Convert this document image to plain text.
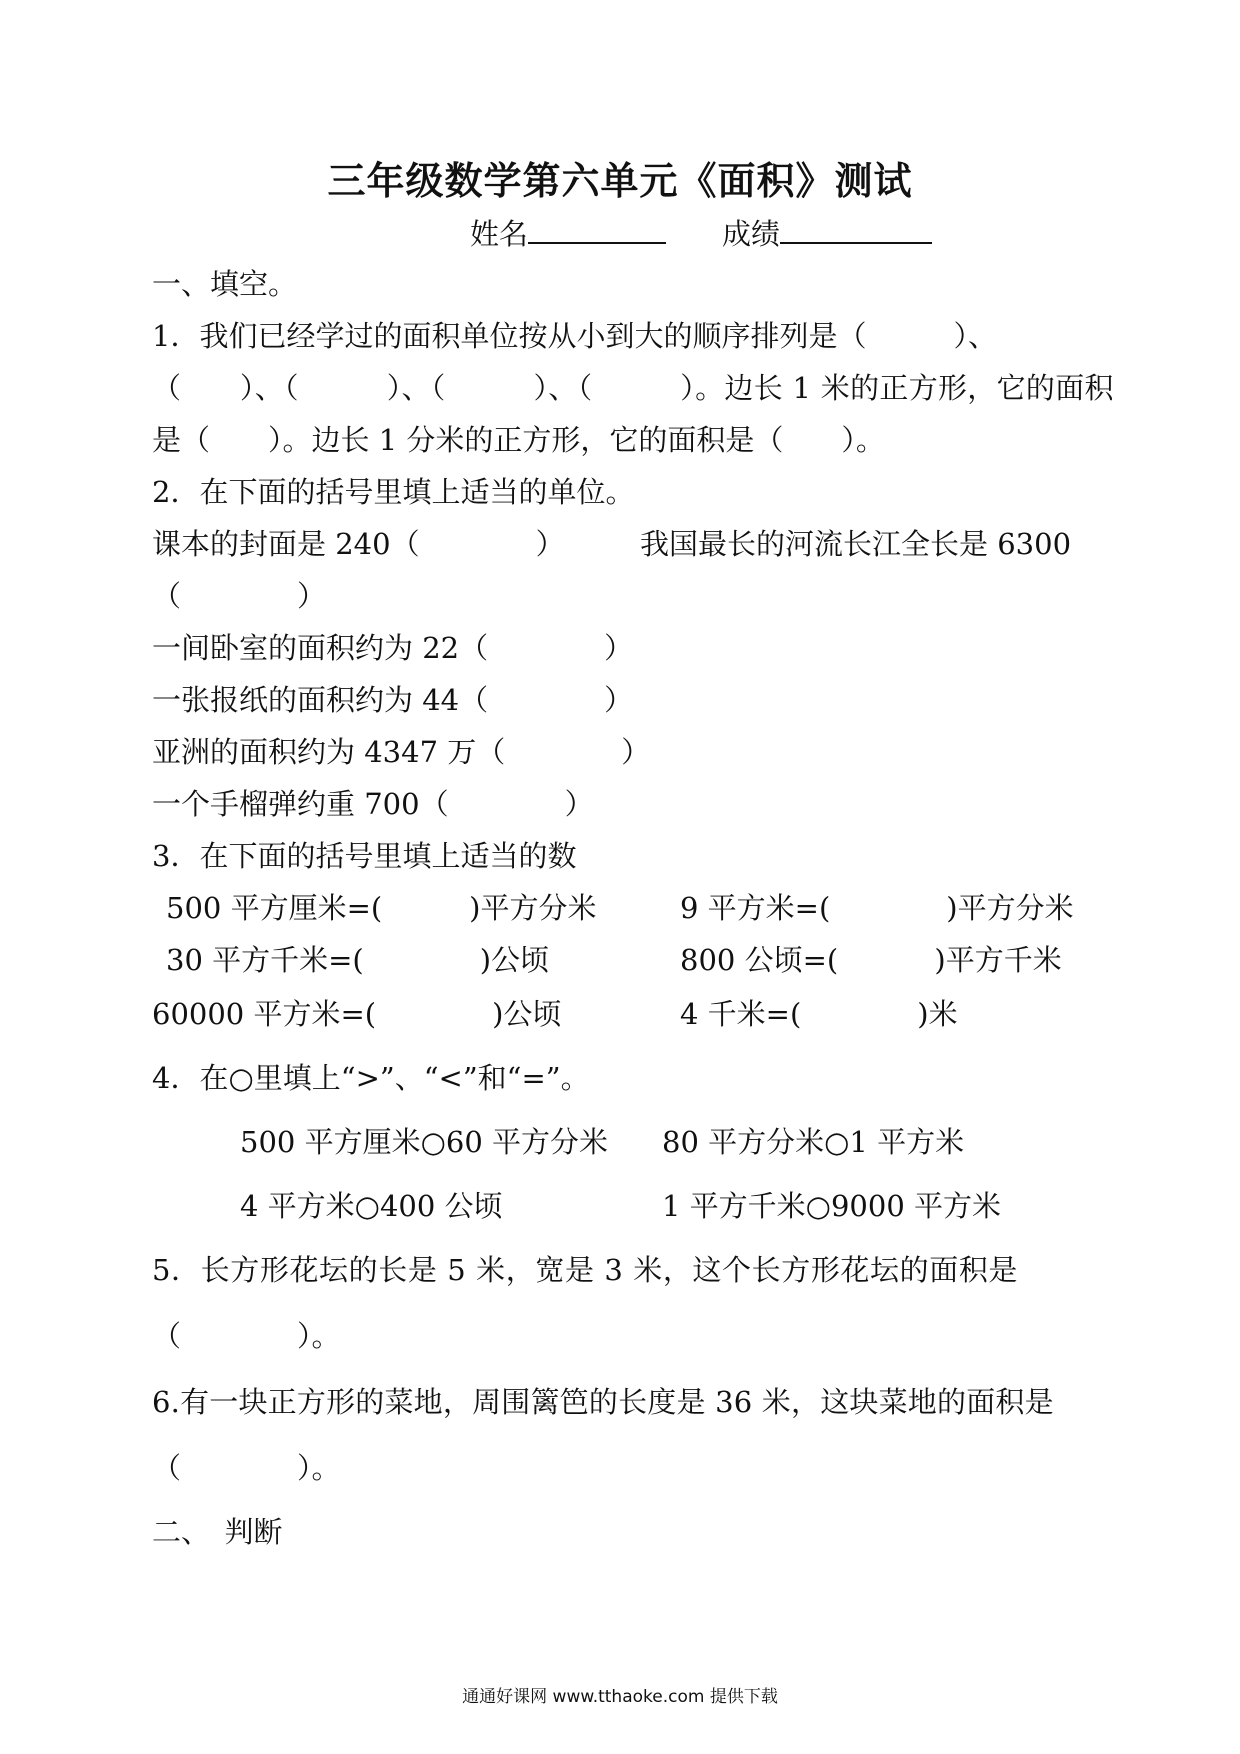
三年级数学第六单元《面积》测试
姓名	成绩
一、填空。
1．我们已经学过的面积单位按从小到大的顺序排列是（　　　）、
（　　）、（　　　）、（　　　）、（　　　）。边长 1 米的正方形，它的面积
是（　　）。边长 1 分米的正方形，它的面积是（　　）。
2．在下面的括号里填上适当的单位。
课本的封面是 240（　　　　）	我国最长的河流长江全长是 6300
（　　　　）
一间卧室的面积约为 22（　　　　）
一张报纸的面积约为 44（　　　　）
亚洲的面积约为 4347 万（　　　　）
一个手榴弹约重 700（　　　　）
3．在下面的括号里填上适当的数
500 平方厘米=(　　　)平方分米	9 平方米=(　　　　)平方分米
30 平方千米=(　　　　)公顷	800 公顷=(　　　 )平方千米
60000 平方米=(　　　　)公顷	4 千米=(　　　　)米
4．在○里填上“>”、“<”和“=”。
500 平方厘米○60 平方分米 80 平方分米○1 平方米
4 平方米○400 公顷	1 平方千米○9000 平方米
5．长方形花坛的长是 5 米，宽是 3 米，这个长方形花坛的面积是
（　　　　）。
6.有一块正方形的菜地，周围篱笆的长度是 36 米，这块菜地的面积是
（　　　　）。
二、　判断
通通好课网 www.tthaoke.com 提供下载
